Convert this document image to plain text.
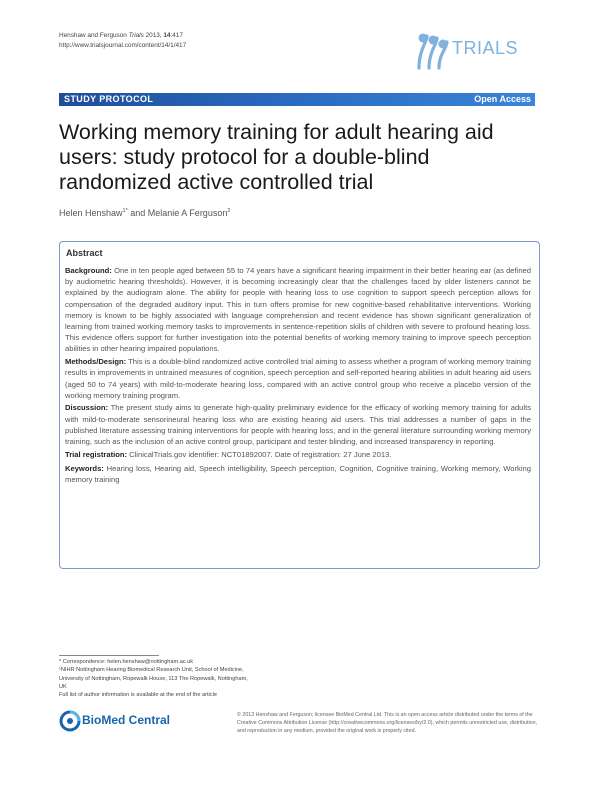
Henshaw and Ferguson Trials 2013, 14:417
http://www.trialsjournal.com/content/14/1/417	TRIALS
STUDY PROTOCOL	Open Access
Working memory training for adult hearing aid users: study protocol for a double-blind randomized active controlled trial
Helen Henshaw$^{1*}$ and Melanie A Ferguson$^2$
Abstract

Background: One in ten people aged between 55 to 74 years have a significant hearing impairment in their better hearing ear (as defined by audiometric hearing thresholds). However, it is becoming increasingly clear that the challenges faced by older listeners cannot be explained by the audiogram alone. The ability for people with hearing loss to use cognition to support speech perception allows for compensation of the degraded auditory input. This in turn offers promise for new cognitive-based rehabilitative interventions. Working memory is known to be highly associated with language comprehension and recent evidence has shown significant generalization of learning from trained working memory tasks to improvements in sentence-repetition skills of children with severe to profound hearing loss. This evidence offers support for further investigation into the potential benefits of working memory training to improve speech perception abilities in other hearing impaired populations.

Methods/Design: This is a double-blind randomized active controlled trial aiming to assess whether a program of working memory training results in improvements in untrained measures of cognition, speech perception and self-reported hearing abilities in adult hearing aid users (aged 50 to 74 years) with mild-to-moderate hearing loss, compared with an active control group who receive a placebo version of the working memory training program.

Discussion: The present study aims to generate high-quality preliminary evidence for the efficacy of working memory training for adults with mild-to-moderate sensorineural hearing loss who are existing hearing aid users. This trial addresses a number of gaps in the published literature assessing training interventions for people with hearing loss, and in the general literature surrounding working memory training, such as the inclusion of an active control group, participant and tester blinding, and increased transparency in reporting.

Trial registration: ClinicalTrials.gov identifier: NCT01892007. Date of registration: 27 June 2013.

Keywords: Hearing loss, Hearing aid, Speech intelligibility, Speech perception, Cognition, Cognitive training, Working memory, Working memory training

* Correspondence: helen.henshaw@nottingham.ac.uk
¹NIHR Nottingham Hearing Biomedical Research Unit, School of Medicine,
University of Nottingham, Ropewalk House, 113 The Ropewalk, Nottingham,
UK
Full list of author information is available at the end of the article
BioMed Central	© 2013 Henshaw and Ferguson; licensee BioMed Central Ltd. This is an open access article distributed under the terms of the Creative Commons Attribution License (http://creativecommons.org/licenses/by/2.0), which permits unrestricted use, distribution, and reproduction in any medium, provided the original work is properly cited.
